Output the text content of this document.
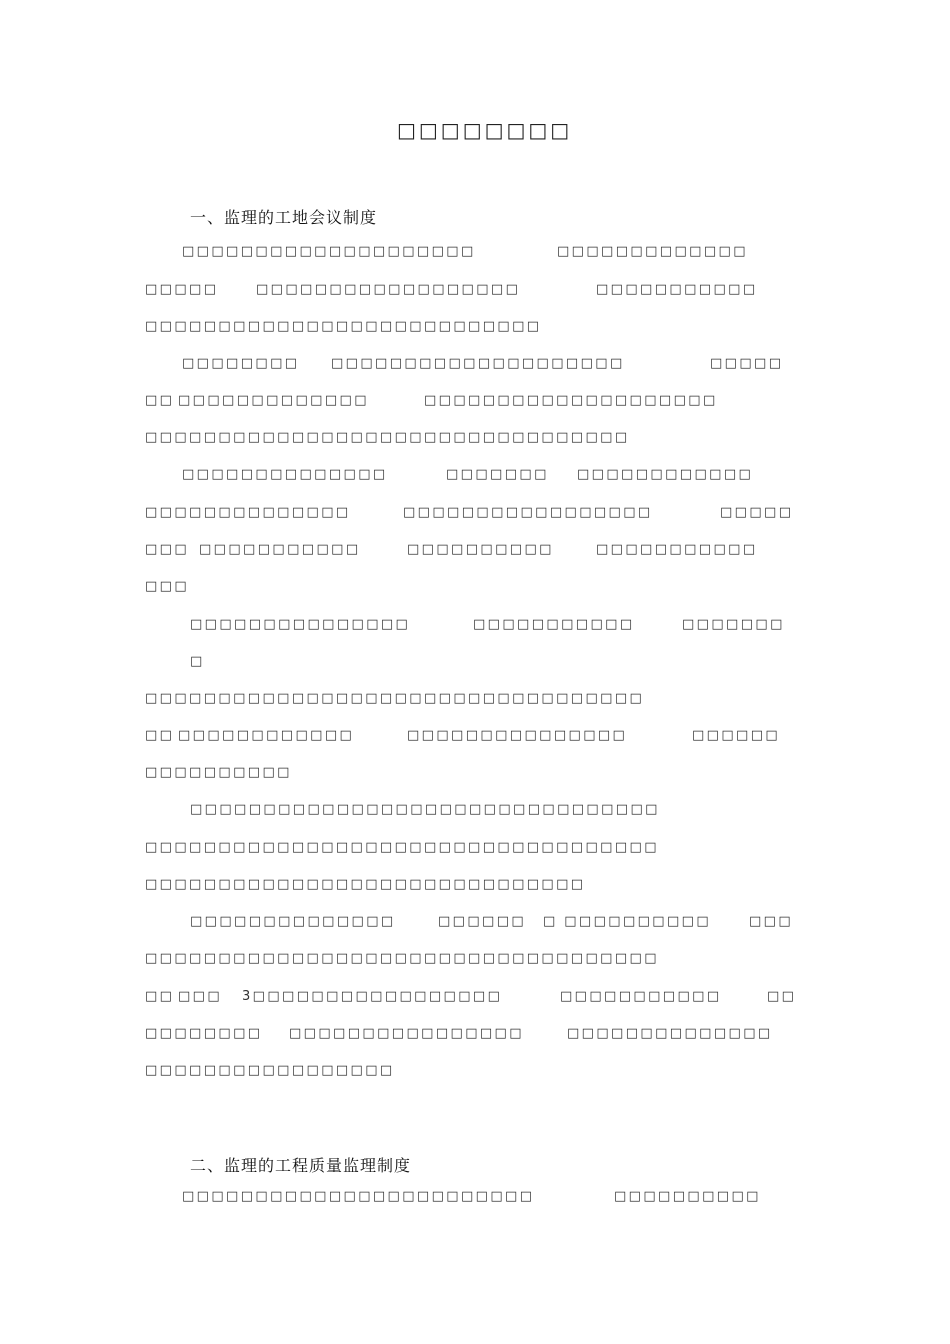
□□□□□□□□
一、监理的工地会议制度
□□□□□□□□□□□□□□□□□□□□	□□□□□□□□□□□□□
□□□□□	□□□□□□□□□□□□□□□□□□	□□□□□□□□□□□
□□□□□□□□□□□□□□□□□□□□□□□□□□□
□□□□□□□□ □□□□□□□□□□□□□□□□□□□□	□□□□□
□□ □□□□□□□□□□□□□	□□□□□□□□□□□□□□□□□□□□
□□□□□□□□□□□□□□□□□□□□□□□□□□□□□□□□□
□□□□□□□□□□□□□□	□□□□□□□ □□□□□□□□□□□□
□□□□□□□□□□□□□□	□□□□□□□□□□□□□□□□□	□□□□□
□□□ □□□□□□□□□□□	□□□□□□□□□□	□□□□□□□□□□□
□□□
□□□□□□□□□□□□□□□	□□□□□□□□□□□	□□□□□□□
□
□□□□□□□□□□□□□□□□□□□□□□□□□□□□□□□□□□
□□ □□□□□□□□□□□□	□□□□□□□□□□□□□□□	□□□□□□
□□□□□□□□□□
□□□□□□□□□□□□□□□□□□□□□□□□□□□□□□□□
□□□□□□□□□□□□□□□□□□□□□□□□□□□□□□□□□□□
□□□□□□□□□□□□□□□□□□□□□□□□□□□□□□
□□□□□□□□□□□□□□	□□□□□□ □ □□□□□□□□□□	□□□
□□□□□□□□□□□□□□□□□□□□□□□□□□□□□□□□□□□
□□ □□□ 3□□□□□□□□□□□□□□□□□	□□□□□□□□□□□	□□
□□□□□□□□ □□□□□□□□□□□□□□□□	□□□□□□□□□□□□□□
□□□□□□□□□□□□□□□□□
二、监理的工程质量监理制度
□□□□□□□□□□□□□□□□□□□□□□□□	□□□□□□□□□□
